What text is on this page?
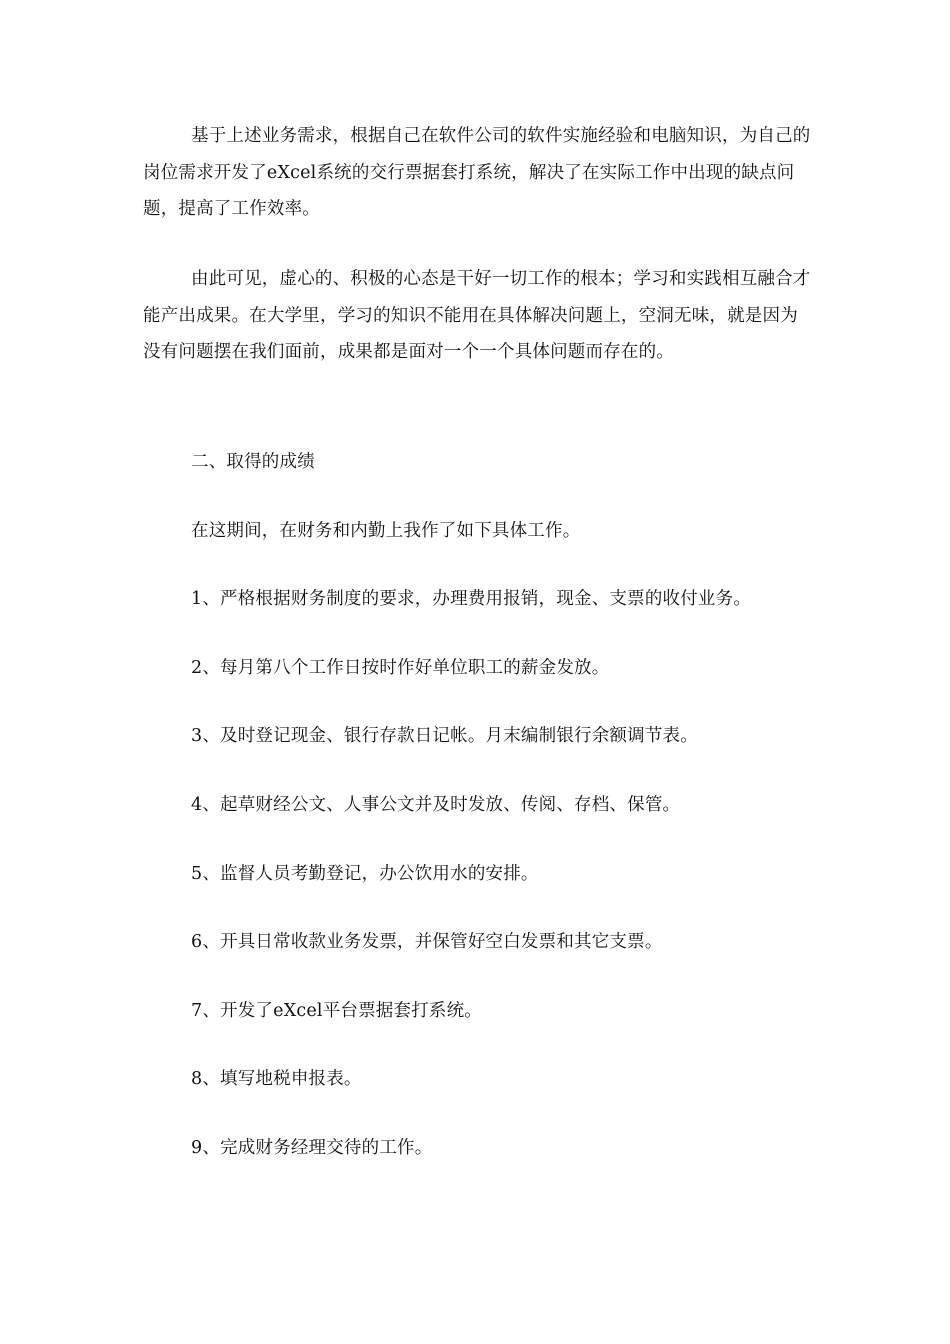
基于上述业务需求，根据自己在软件公司的软件实施经验和电脑知识，为自己的岗位需求开发了eXcel系统的交行票据套打系统，解决了在实际工作中出现的缺点问题，提高了工作效率。

由此可见，虚心的、积极的心态是干好一切工作的根本；学习和实践相互融合才能产出成果。在大学里，学习的知识不能用在具体解决问题上，空洞无味，就是因为没有问题摆在我们面前，成果都是面对一个一个具体问题而存在的。

二、取得的成绩

在这期间，在财务和内勤上我作了如下具体工作。

1、严格根据财务制度的要求，办理费用报销，现金、支票的收付业务。

2、每月第八个工作日按时作好单位职工的薪金发放。

3、及时登记现金、银行存款日记帐。月末编制银行余额调节表。

4、起草财经公文、人事公文并及时发放、传阅、存档、保管。

5、监督人员考勤登记，办公饮用水的安排。

6、开具日常收款业务发票，并保管好空白发票和其它支票。

7、开发了eXcel平台票据套打系统。

8、填写地税申报表。

9、完成财务经理交待的工作。
